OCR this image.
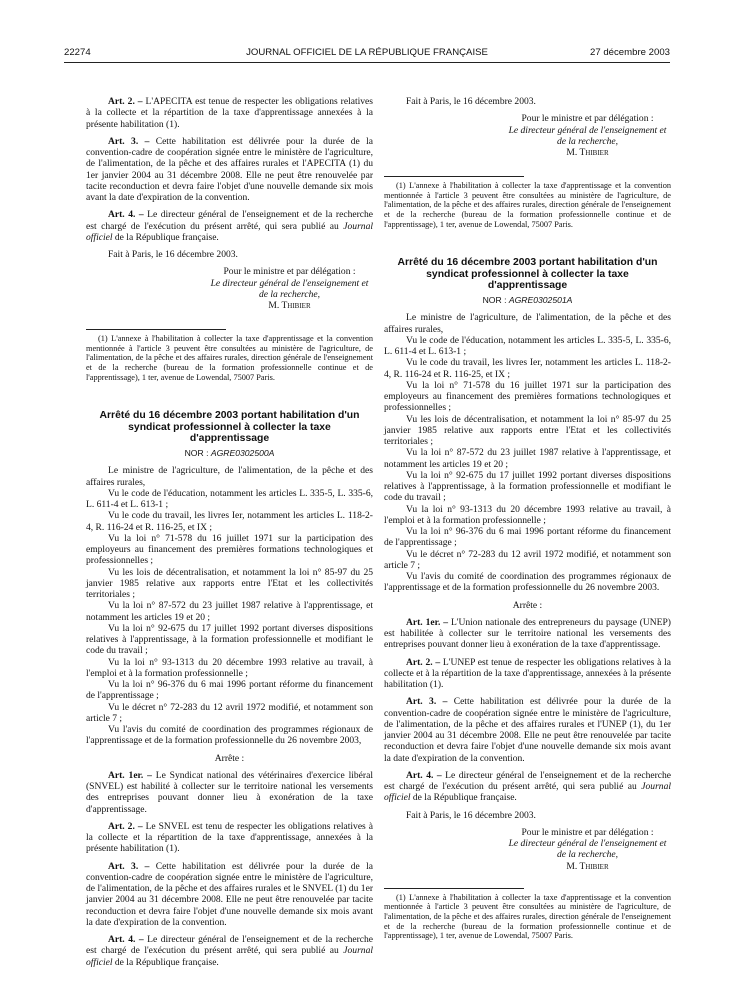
22274	JOURNAL OFFICIEL DE LA RÉPUBLIQUE FRANÇAISE	27 décembre 2003

Art. 2. – L'APECITA est tenue de respecter les obligations relatives à la collecte et la répartition de la taxe d'apprentissage annexées à la présente habilitation (1).

Art. 3. – Cette habilitation est délivrée pour la durée de la convention-cadre de coopération signée entre le ministère de l'agriculture, de l'alimentation, de la pêche et des affaires rurales et l'APECITA (1) du 1er janvier 2004 au 31 décembre 2008. Elle ne peut être renouvelée par tacite reconduction et devra faire l'objet d'une nouvelle demande six mois avant la date d'expiration de la convention.

Art. 4. – Le directeur général de l'enseignement et de la recherche est chargé de l'exécution du présent arrêté, qui sera publié au Journal officiel de la République française.

Fait à Paris, le 16 décembre 2003.

Pour le ministre et par délégation :
Le directeur général de l'enseignement et de la recherche,
M. Thibier

(1) L'annexe à l'habilitation à collecter la taxe d'apprentissage et la convention mentionnée à l'article 3 peuvent être consultées au ministère de l'agriculture, de l'alimentation, de la pêche et des affaires rurales, direction générale de l'enseignement et de la recherche (bureau de la formation professionnelle continue et de l'apprentissage), 1 ter, avenue de Lowendal, 75007 Paris.

Arrêté du 16 décembre 2003 portant habilitation d'un syndicat professionnel à collecter la taxe d'apprentissage

NOR : AGRE0302500A

Le ministre de l'agriculture, de l'alimentation, de la pêche et des affaires rurales,

Vu le code de l'éducation, notamment les articles L. 335-5, L. 335-6, L. 611-4 et L. 613-1 ;

Vu le code du travail, les livres Ier, notamment les articles L. 118-2-4, R. 116-24 et R. 116-25, et IX ;

Vu la loi n° 71-578 du 16 juillet 1971 sur la participation des employeurs au financement des premières formations technologiques et professionnelles ;

Vu les lois de décentralisation, et notamment la loi n° 85-97 du 25 janvier 1985 relative aux rapports entre l'Etat et les collectivités territoriales ;

Vu la loi n° 87-572 du 23 juillet 1987 relative à l'apprentissage, et notamment les articles 19 et 20 ;

Vu la loi n° 92-675 du 17 juillet 1992 portant diverses dispositions relatives à l'apprentissage, à la formation professionnelle et modifiant le code du travail ;

Vu la loi n° 93-1313 du 20 décembre 1993 relative au travail, à l'emploi et à la formation professionnelle ;

Vu la loi n° 96-376 du 6 mai 1996 portant réforme du financement de l'apprentissage ;

Vu le décret n° 72-283 du 12 avril 1972 modifié, et notamment son article 7 ;

Vu l'avis du comité de coordination des programmes régionaux de l'apprentissage et de la formation professionnelle du 26 novembre 2003,

Arrête :

Art. 1er. – Le Syndicat national des vétérinaires d'exercice libéral (SNVEL) est habilité à collecter sur le territoire national les versements des entreprises pouvant donner lieu à exonération de la taxe d'apprentissage.

Art. 2. – Le SNVEL est tenu de respecter les obligations relatives à la collecte et la répartition de la taxe d'apprentissage, annexées à la présente habilitation (1).

Art. 3. – Cette habilitation est délivrée pour la durée de la convention-cadre de coopération signée entre le ministère de l'agriculture, de l'alimentation, de la pêche et des affaires rurales et le SNVEL (1) du 1er janvier 2004 au 31 décembre 2008. Elle ne peut être renouvelée par tacite reconduction et devra faire l'objet d'une nouvelle demande six mois avant la date d'expiration de la convention.

Art. 4. – Le directeur général de l'enseignement et de la recherche est chargé de l'exécution du présent arrêté, qui sera publié au Journal officiel de la République française.

Fait à Paris, le 16 décembre 2003.

Pour le ministre et par délégation :
Le directeur général de l'enseignement et de la recherche,
M. Thibier

(1) L'annexe à l'habilitation à collecter la taxe d'apprentissage et la convention mentionnée à l'article 3 peuvent être consultées au ministère de l'agriculture, de l'alimentation, de la pêche et des affaires rurales, direction générale de l'enseignement et de la recherche (bureau de la formation professionnelle continue et de l'apprentissage), 1 ter, avenue de Lowendal, 75007 Paris.

Arrêté du 16 décembre 2003 portant habilitation d'un syndicat professionnel à collecter la taxe d'apprentissage

NOR : AGRE0302501A

Le ministre de l'agriculture, de l'alimentation, de la pêche et des affaires rurales,

Vu le code de l'éducation, notamment les articles L. 335-5, L. 335-6, L. 611-4 et L. 613-1 ;

Vu le code du travail, les livres Ier, notamment les articles L. 118-2-4, R. 116-24 et R. 116-25, et IX ;

Vu la loi n° 71-578 du 16 juillet 1971 sur la participation des employeurs au financement des premières formations technologiques et professionnelles ;

Vu les lois de décentralisation, et notamment la loi n° 85-97 du 25 janvier 1985 relative aux rapports entre l'Etat et les collectivités territoriales ;

Vu la loi n° 87-572 du 23 juillet 1987 relative à l'apprentissage, et notamment les articles 19 et 20 ;

Vu la loi n° 92-675 du 17 juillet 1992 portant diverses dispositions relatives à l'apprentissage, à la formation professionnelle et modifiant le code du travail ;

Vu la loi n° 93-1313 du 20 décembre 1993 relative au travail, à l'emploi et à la formation professionnelle ;

Vu la loi n° 96-376 du 6 mai 1996 portant réforme du financement de l'apprentissage ;

Vu le décret n° 72-283 du 12 avril 1972 modifié, et notamment son article 7 ;

Vu l'avis du comité de coordination des programmes régionaux de l'apprentissage et de la formation professionnelle du 26 novembre 2003.

Arrête :

Art. 1er. – L'Union nationale des entrepreneurs du paysage (UNEP) est habilitée à collecter sur le territoire national les versements des entreprises pouvant donner lieu à exonération de la taxe d'apprentissage.

Art. 2. – L'UNEP est tenue de respecter les obligations relatives à la collecte et à la répartition de la taxe d'apprentissage, annexées à la présente habilitation (1).

Art. 3. – Cette habilitation est délivrée pour la durée de la convention-cadre de coopération signée entre le ministère de l'agriculture, de l'alimentation, de la pêche et des affaires rurales et l'UNEP (1), du 1er janvier 2004 au 31 décembre 2008. Elle ne peut être renouvelée par tacite reconduction et devra faire l'objet d'une nouvelle demande six mois avant la date d'expiration de la convention.

Art. 4. – Le directeur général de l'enseignement et de la recherche est chargé de l'exécution du présent arrêté, qui sera publié au Journal officiel de la République française.

Fait à Paris, le 16 décembre 2003.

Pour le ministre et par délégation :
Le directeur général de l'enseignement et de la recherche,
M. Thibier

(1) L'annexe à l'habilitation à collecter la taxe d'apprentissage et la convention mentionnée à l'article 3 peuvent être consultées au ministère de l'agriculture, de l'alimentation, de la pêche et des affaires rurales, direction générale de l'enseignement et de la recherche (bureau de la formation professionnelle continue et de l'apprentissage), 1 ter, avenue de Lowendal, 75007 Paris.
